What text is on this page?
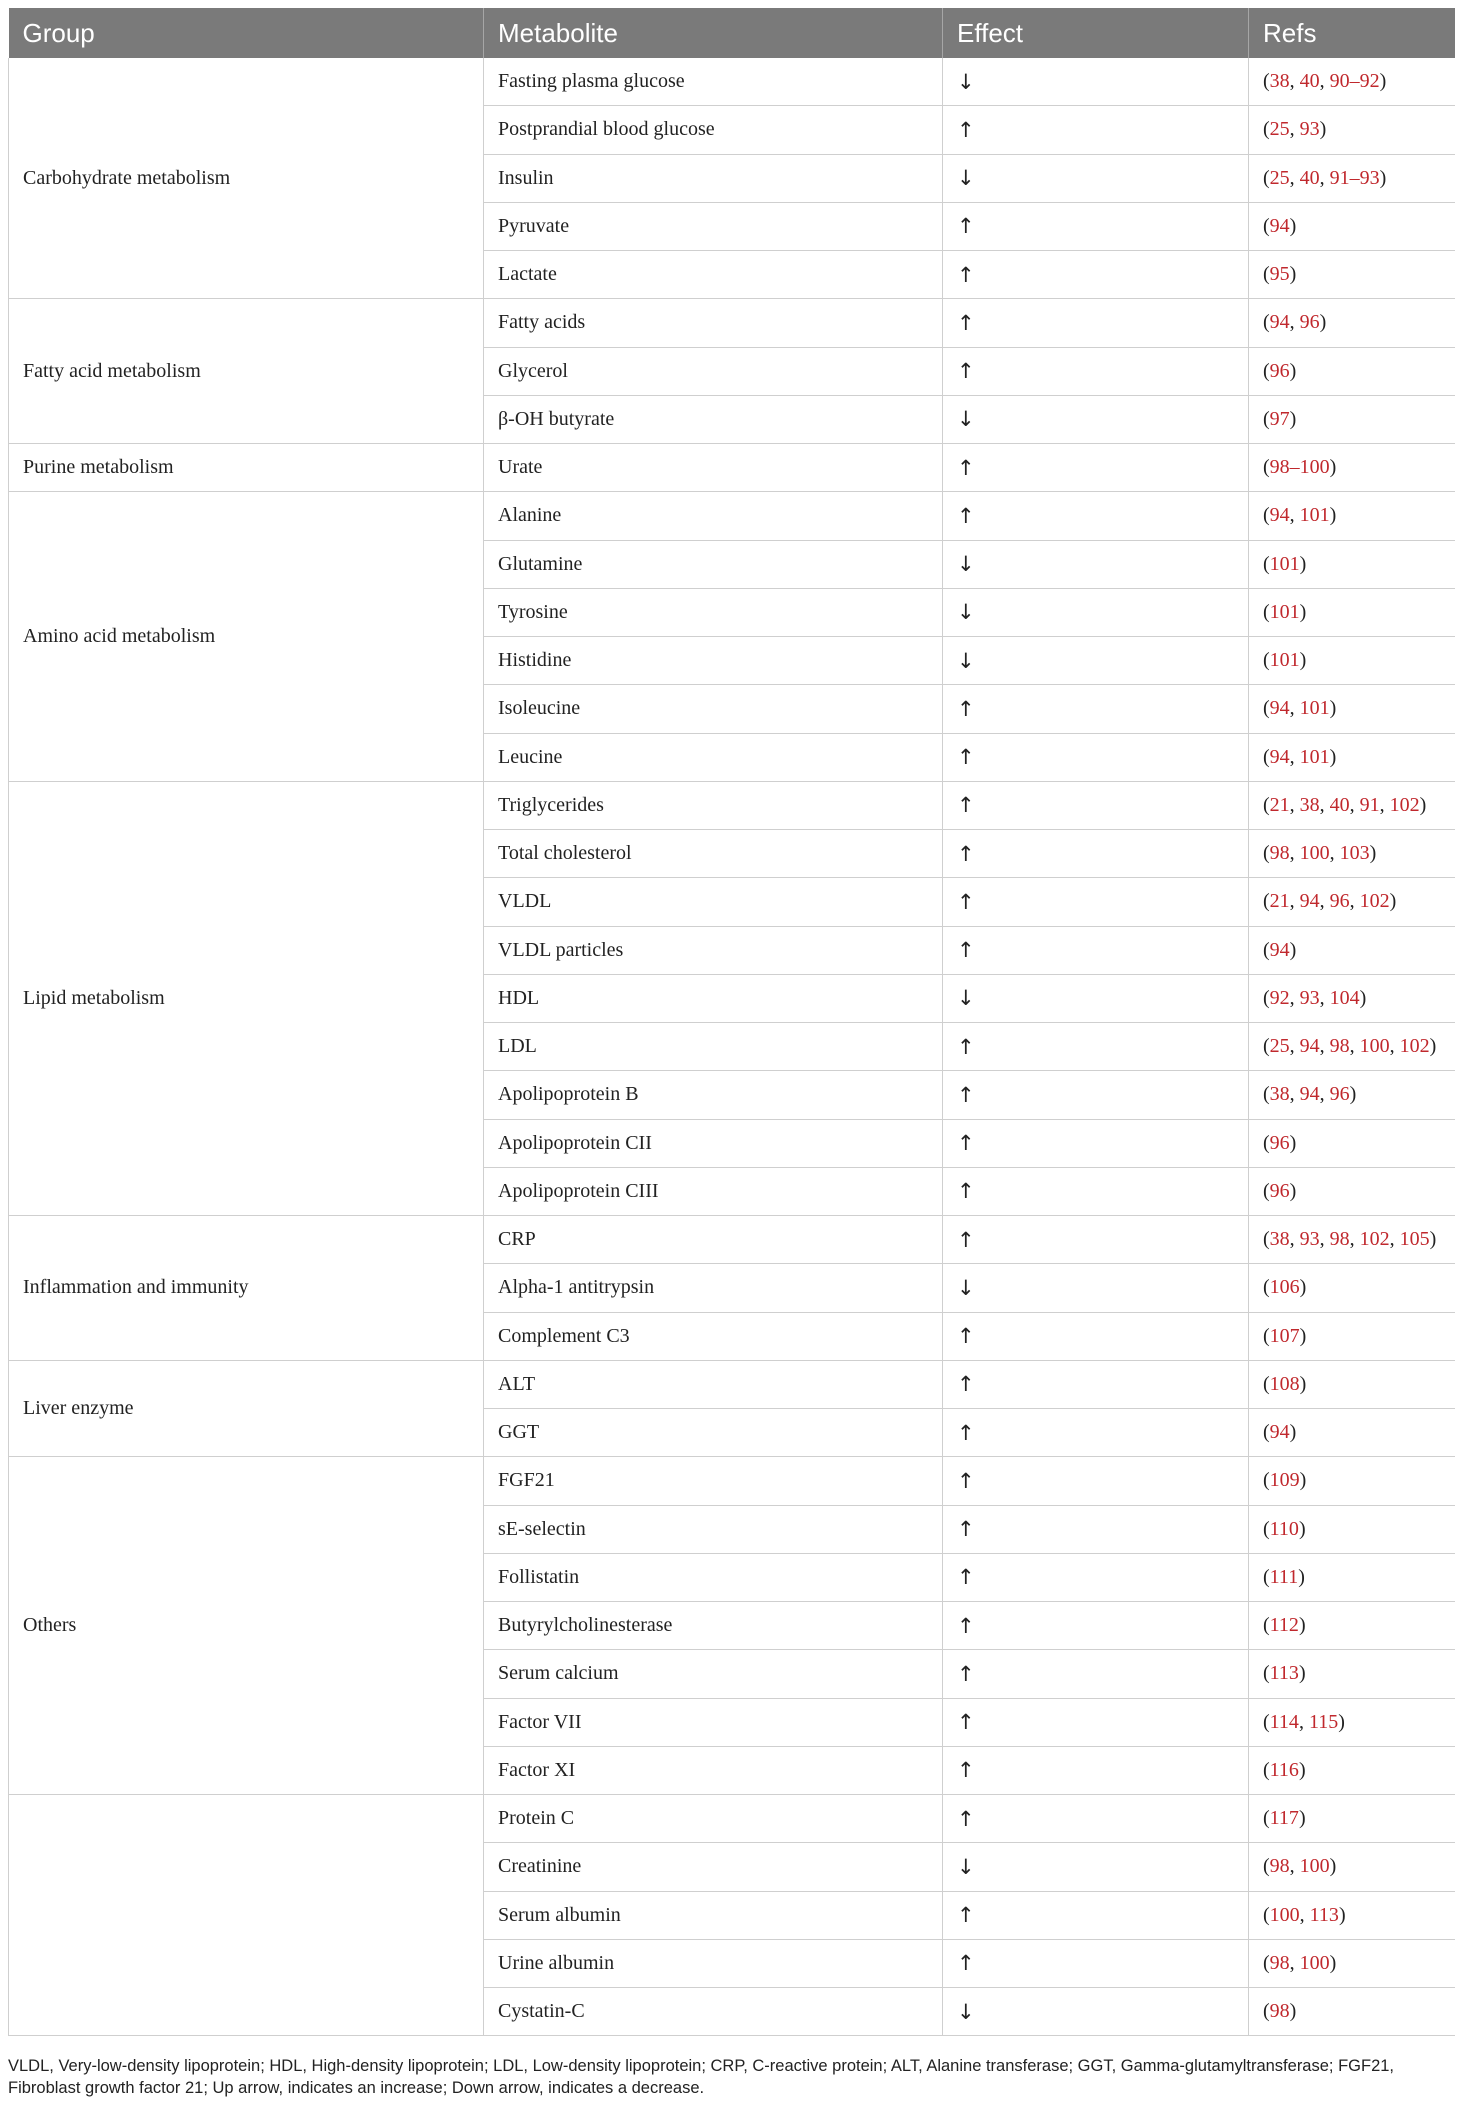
Group	Metabolite	Effect	Refs
Carbohydrate metabolism	Fasting plasma glucose	↓	(38, 40, 90–92)
	Postprandial blood glucose	↑	(25, 93)
	Insulin	↓	(25, 40, 91–93)
	Pyruvate	↑	(94)
	Lactate	↑	(95)
Fatty acid metabolism	Fatty acids	↑	(94, 96)
	Glycerol	↑	(96)
	β-OH butyrate	↓	(97)
Purine metabolism	Urate	↑	(98–100)
Amino acid metabolism	Alanine	↑	(94, 101)
	Glutamine	↓	(101)
	Tyrosine	↓	(101)
	Histidine	↓	(101)
	Isoleucine	↑	(94, 101)
	Leucine	↑	(94, 101)
Lipid metabolism	Triglycerides	↑	(21, 38, 40, 91, 102)
	Total cholesterol	↑	(98, 100, 103)
	VLDL	↑	(21, 94, 96, 102)
	VLDL particles	↑	(94)
	HDL	↓	(92, 93, 104)
	LDL	↑	(25, 94, 98, 100, 102)
	Apolipoprotein B	↑	(38, 94, 96)
	Apolipoprotein CII	↑	(96)
	Apolipoprotein CIII	↑	(96)
Inflammation and immunity	CRP	↑	(38, 93, 98, 102, 105)
	Alpha-1 antitrypsin	↓	(106)
	Complement C3	↑	(107)
Liver enzyme	ALT	↑	(108)
	GGT	↑	(94)
Others	FGF21	↑	(109)
	sE-selectin	↑	(110)
	Follistatin	↑	(111)
	Butyrylcholinesterase	↑	(112)
	Serum calcium	↑	(113)
	Factor VII	↑	(114, 115)
	Factor XI	↑	(116)
	Protein C	↑	(117)
	Creatinine	↓	(98, 100)
	Serum albumin	↑	(100, 113)
	Urine albumin	↑	(98, 100)
	Cystatin-C	↓	(98)
VLDL, Very-low-density lipoprotein; HDL, High-density lipoprotein; LDL, Low-density lipoprotein; CRP, C-reactive protein; ALT, Alanine transferase; GGT, Gamma-glutamyltransferase; FGF21, Fibroblast growth factor 21; Up arrow, indicates an increase; Down arrow, indicates a decrease.
